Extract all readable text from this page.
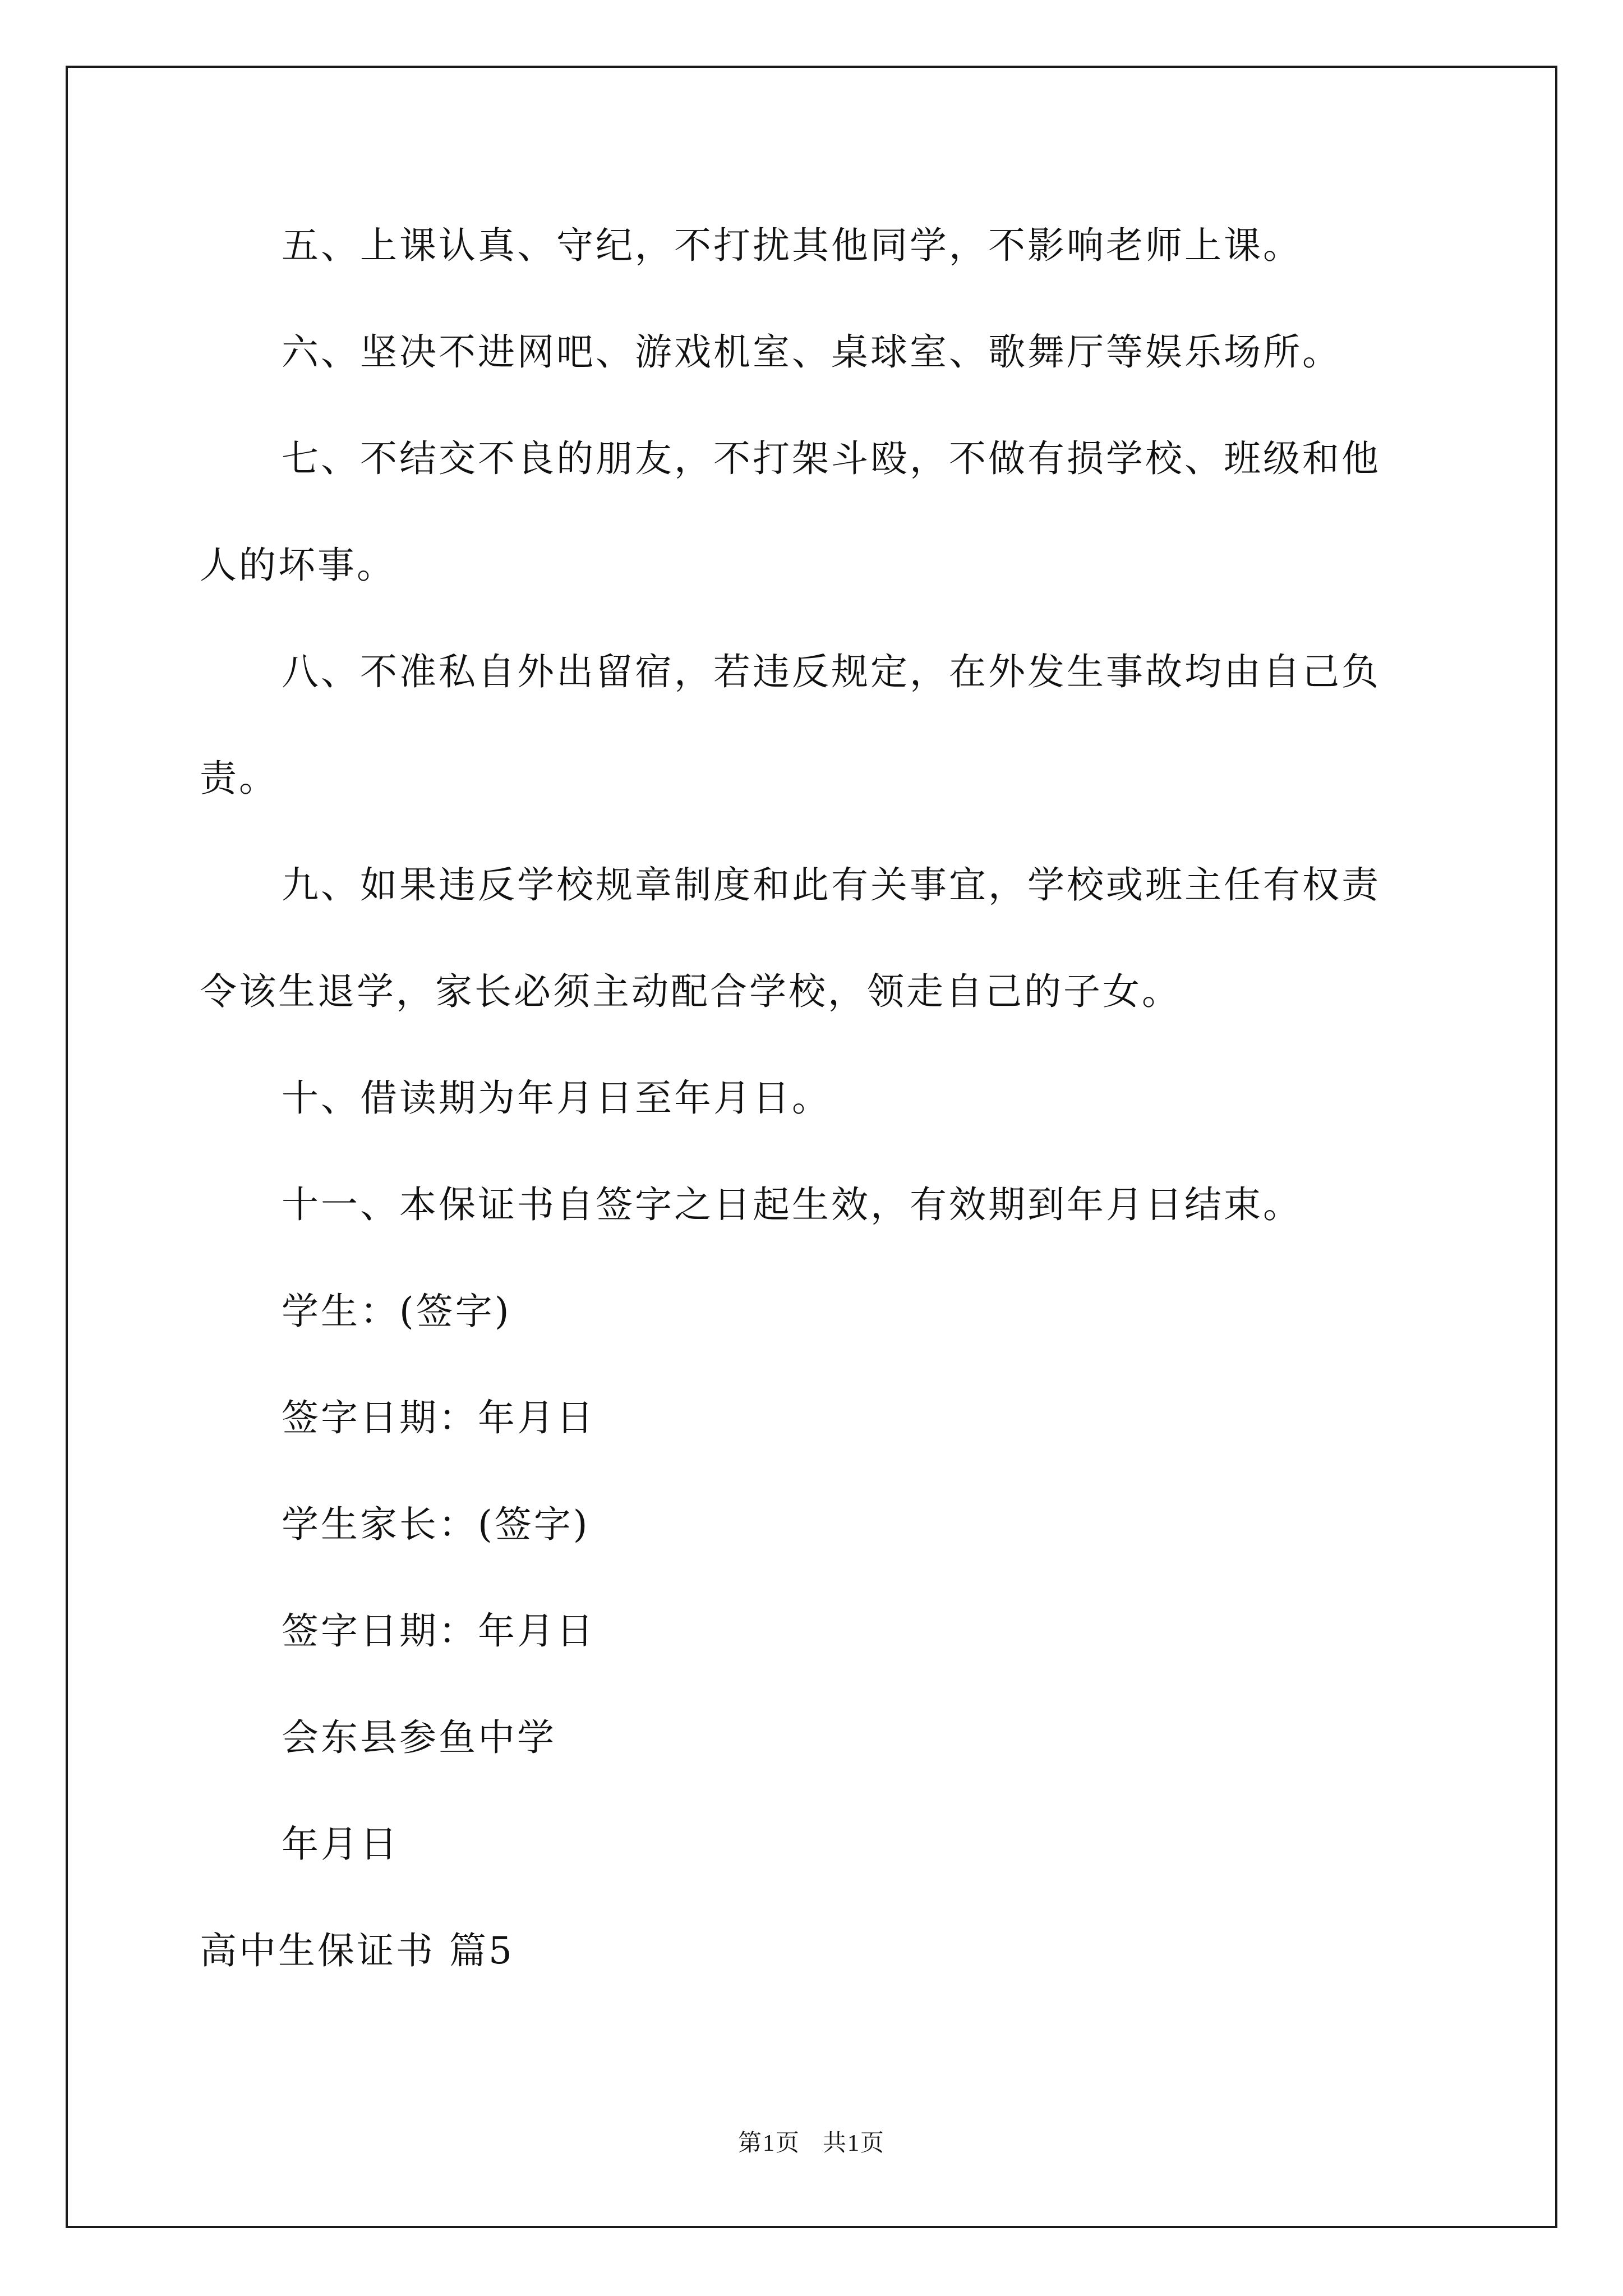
五、上课认真、守纪，不打扰其他同学，不影响老师上课。

六、坚决不进网吧、游戏机室、桌球室、歌舞厅等娱乐场所。

七、不结交不良的朋友，不打架斗殴，不做有损学校、班级和他

人的坏事。

八、不准私自外出留宿，若违反规定，在外发生事故均由自己负

责。

九、如果违反学校规章制度和此有关事宜，学校或班主任有权责

令该生退学，家长必须主动配合学校，领走自己的子女。

十、借读期为年月日至年月日。

十一、本保证书自签字之日起生效，有效期到年月日结束。

学生：(签字)

签字日期：年月日

学生家长：(签字)

签字日期：年月日

会东县参鱼中学

年月日

高中生保证书 篇5
第1页 共1页
